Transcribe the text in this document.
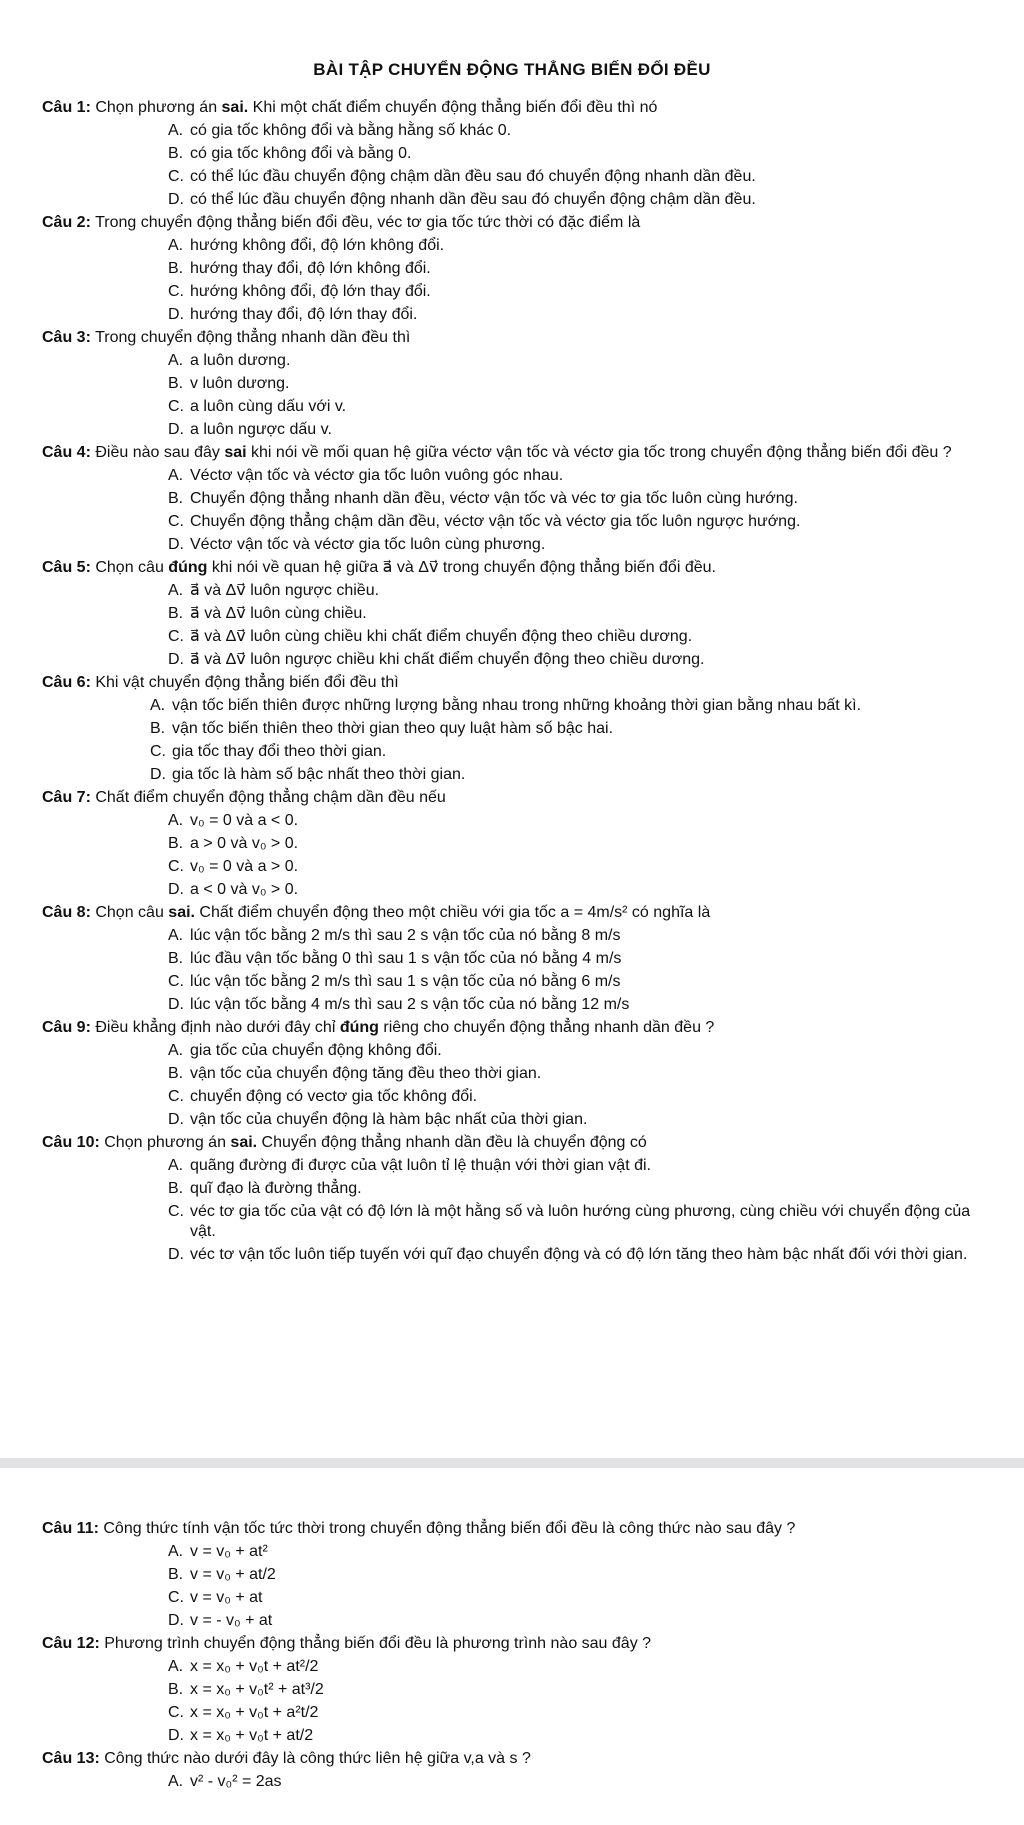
BÀI TẬP CHUYỂN ĐỘNG THẲNG BIẾN ĐỔI ĐỀU
Câu 1: Chọn phương án sai. Khi một chất điểm chuyển động thẳng biến đổi đều thì nó
A. có gia tốc không đổi và bằng hằng số khác 0.
B. có gia tốc không đổi và bằng 0.
C. có thể lúc đầu chuyển động chậm dần đều sau đó chuyển động nhanh dần đều.
D. có thể lúc đầu chuyển động nhanh dần đều sau đó chuyển động chậm dần đều.
Câu 2: Trong chuyển động thẳng biến đổi đều, véc tơ gia tốc tức thời có đặc điểm là
A. hướng không đổi, độ lớn không đổi.
B. hướng thay đổi, độ lớn không đổi.
C. hướng không đổi, độ lớn thay đổi.
D. hướng thay đổi, độ lớn thay đổi.
Câu 3: Trong chuyển động thẳng nhanh dần đều thì
A. a luôn dương.
B. v luôn dương.
C. a luôn cùng dấu với v.
D. a luôn ngược dấu v.
Câu 4: Điều nào sau đây sai khi nói về mối quan hệ giữa véctơ vận tốc và véctơ gia tốc trong chuyển động thẳng biến đổi đều ?
A. Véctơ vận tốc và véctơ gia tốc luôn vuông góc nhau.
B. Chuyển động thẳng nhanh dần đều, véctơ vận tốc và véc tơ gia tốc luôn cùng hướng.
C. Chuyển động thẳng chậm dần đều, véctơ vận tốc và véctơ gia tốc luôn ngược hướng.
D. Véctơ vận tốc và véctơ gia tốc luôn cùng phương.
Câu 5: Chọn câu đúng khi nói về quan hệ giữa a⃗ và Δv⃗ trong chuyển động thẳng biến đổi đều.
A. a⃗ và Δv⃗ luôn ngược chiều.
B. a⃗ và Δv⃗ luôn cùng chiều.
C. a⃗ và Δv⃗ luôn cùng chiều khi chất điểm chuyển động theo chiều dương.
D. a⃗ và Δv⃗ luôn ngược chiều khi chất điểm chuyển động theo chiều dương.
Câu 6: Khi vật chuyển động thẳng biến đổi đều thì
A. vận tốc biến thiên được những lượng bằng nhau trong những khoảng thời gian bằng nhau bất kì.
B. vận tốc biến thiên theo thời gian theo quy luật hàm số bậc hai.
C. gia tốc thay đổi theo thời gian.
D. gia tốc là hàm số bậc nhất theo thời gian.
Câu 7: Chất điểm chuyển động thẳng chậm dần đều nếu
A. v₀ = 0 và a < 0.
B. a > 0 và v₀ > 0.
C. v₀ = 0 và a > 0.
D. a < 0 và v₀ > 0.
Câu 8: Chọn câu sai. Chất điểm chuyển động theo một chiều với gia tốc a = 4m/s² có nghĩa là
A. lúc vận tốc bằng 2 m/s thì sau 2 s vận tốc của nó bằng 8 m/s
B. lúc đầu vận tốc bằng 0 thì sau 1 s vận tốc của nó bằng 4 m/s
C. lúc vận tốc bằng 2 m/s thì sau 1 s vận tốc của nó bằng 6 m/s
D. lúc vận tốc bằng 4 m/s thì sau 2 s vận tốc của nó bằng 12 m/s
Câu 9: Điều khẳng định nào dưới đây chỉ đúng riêng cho chuyển động thẳng nhanh dần đều ?
A. gia tốc của chuyển động không đổi.
B. vận tốc của chuyển động tăng đều theo thời gian.
C. chuyển động có vectơ gia tốc không đổi.
D. vận tốc của chuyển động là hàm bậc nhất của thời gian.
Câu 10: Chọn phương án sai. Chuyển động thẳng nhanh dần đều là chuyển động có
A. quãng đường đi được của vật luôn tỉ lệ thuận với thời gian vật đi.
B. quĩ đạo là đường thẳng.
C. véc tơ gia tốc của vật có độ lớn là một hằng số và luôn hướng cùng phương, cùng chiều với chuyển động của vật.
D. véc tơ vận tốc luôn tiếp tuyến với quĩ đạo chuyển động và có độ lớn tăng theo hàm bậc nhất đối với thời gian.
Câu 11: Công thức tính vận tốc tức thời trong chuyển động thẳng biến đổi đều là công thức nào sau đây ?
A. v = v₀ + at²
B. v = v₀ + at/2
C. v = v₀ + at
D. v = - v₀ + at
Câu 12: Phương trình chuyển động thẳng biến đổi đều là phương trình nào sau đây ?
A. x = x₀ + v₀t + at²/2
B. x = x₀ + v₀t² + at³/2
C. x = x₀ + v₀t + a²t/2
D. x = x₀ + v₀t + at/2
Câu 13: Công thức nào dưới đây là công thức liên hệ giữa v,a và s ?
A. v² - v₀² = 2as
